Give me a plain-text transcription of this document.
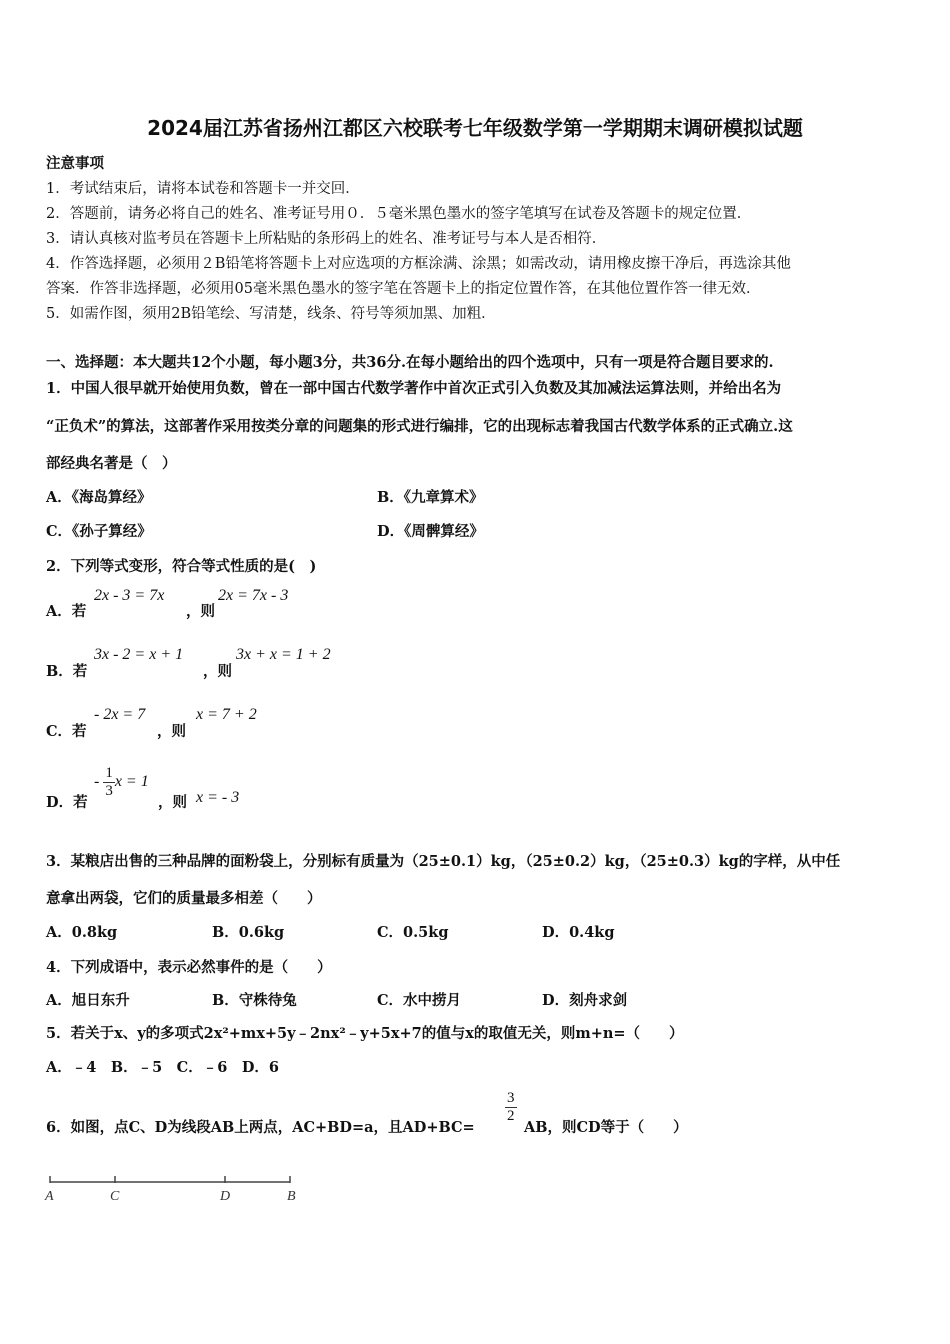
2024届江苏省扬州江都区六校联考七年级数学第一学期期末调研模拟试题
注意事项
1．考试结束后，请将本试卷和答题卡一并交回．
2．答题前，请务必将自己的姓名、准考证号用０．５毫米黑色墨水的签字笔填写在试卷及答题卡的规定位置．
3．请认真核对监考员在答题卡上所粘贴的条形码上的姓名、准考证号与本人是否相符．
4．作答选择题，必须用２B铅笔将答题卡上对应选项的方框涂满、涂黑；如需改动，请用橡皮擦干净后，再选涂其他
答案．作答非选择题，必须用05毫米黑色墨水的签字笔在答题卡上的指定位置作答，在其他位置作答一律无效．
5．如需作图，须用2B铅笔绘、写清楚，线条、符号等须加黑、加粗．
一、选择题：本大题共12个小题，每小题3分，共36分.在每小题给出的四个选项中，只有一项是符合题目要求的.
1．中国人很早就开始使用负数，曾在一部中国古代数学著作中首次正式引入负数及其加减法运算法则，并给出名为
“正负术”的算法，这部著作采用按类分章的问题集的形式进行编排，它的出现标志着我国古代数学体系的正式确立.这
部经典名著是（　）
A．《海岛算经》	B．《九章算术》
C．《孙子算经》	D．《周髀算经》
2．下列等式变形，符合等式性质的是(　)
A．若
2x - 3 = 7x
，则
2x = 7x - 3
B．若
3x - 2 = x + 1
，则
3x + x = 1 + 2
C．若
- 2x = 7
，则
x = 7 + 2
D．若
- $\frac{1}{3}$ x = 1
，则 x = - 3
3．某粮店出售的三种品牌的面粉袋上，分别标有质量为（25±0.1）kg，（25±0.2）kg，（25±0.3）kg的字样，从中任
意拿出两袋，它们的质量最多相差（　　）
A．0.8kg	B．0.6kg	C．0.5kg	D．0.4kg
4．下列成语中，表示必然事件的是（　　）
A．旭日东升	B．守株待兔	C．水中捞月	D．刻舟求剑
5．若关于x、y的多项式2x²+mx+5y﹣2nx²﹣y+5x+7的值与x的取值无关，则m+n=（　　）
A．﹣4　B．﹣5　C．﹣6　D．6
6．如图，点C、D为线段AB上两点，AC+BD=a，且AD+BC=
$\frac{3}{2}$
AB，则CD等于（　　）
A	C	D	B
